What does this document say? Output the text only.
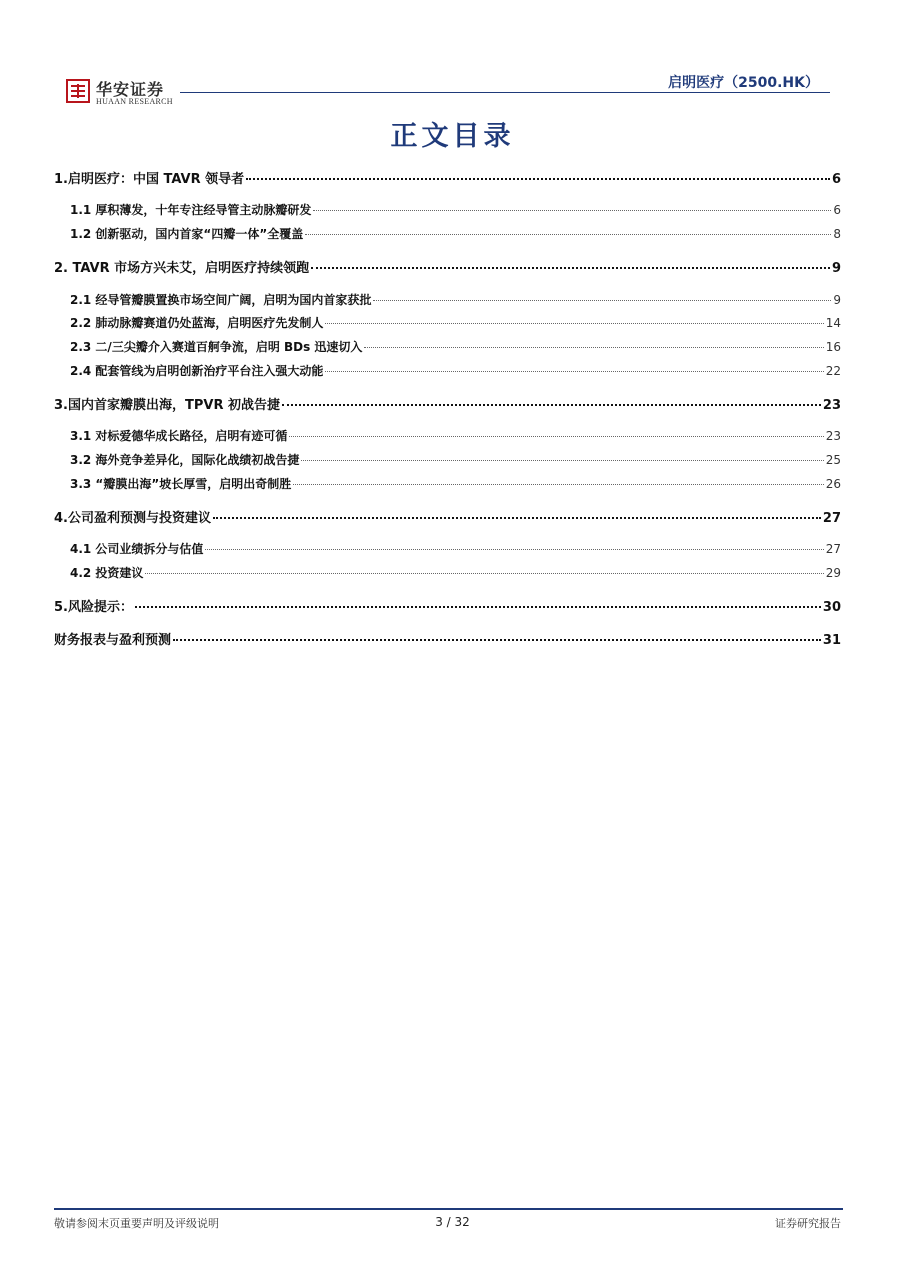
华安证券
HUAAN RESEARCH
启明医疗（2500.HK）
正文目录
1.启明医疗：中国 TAVR 领导者	6
1.1 厚积薄发，十年专注经导管主动脉瓣研发	6
1.2 创新驱动，国内首家“四瓣一体”全覆盖	8
2. TAVR 市场方兴未艾，启明医疗持续领跑	9
2.1 经导管瓣膜置换市场空间广阔，启明为国内首家获批	9
2.2 肺动脉瓣赛道仍处蓝海，启明医疗先发制人	14
2.3 二/三尖瓣介入赛道百舸争流，启明 BDs 迅速切入	16
2.4 配套管线为启明创新治疗平台注入强大动能	22
3.国内首家瓣膜出海，TPVR 初战告捷	23
3.1 对标爱德华成长路径，启明有迹可循	23
3.2 海外竞争差异化，国际化战绩初战告捷	25
3.3 “瓣膜出海”坡长厚雪，启明出奇制胜	26
4.公司盈利预测与投资建议	27
4.1 公司业绩拆分与估值	27
4.2 投资建议	29
5.风险提示：	30
财务报表与盈利预测	31
敬请参阅末页重要声明及评级说明	3 / 32	证券研究报告
